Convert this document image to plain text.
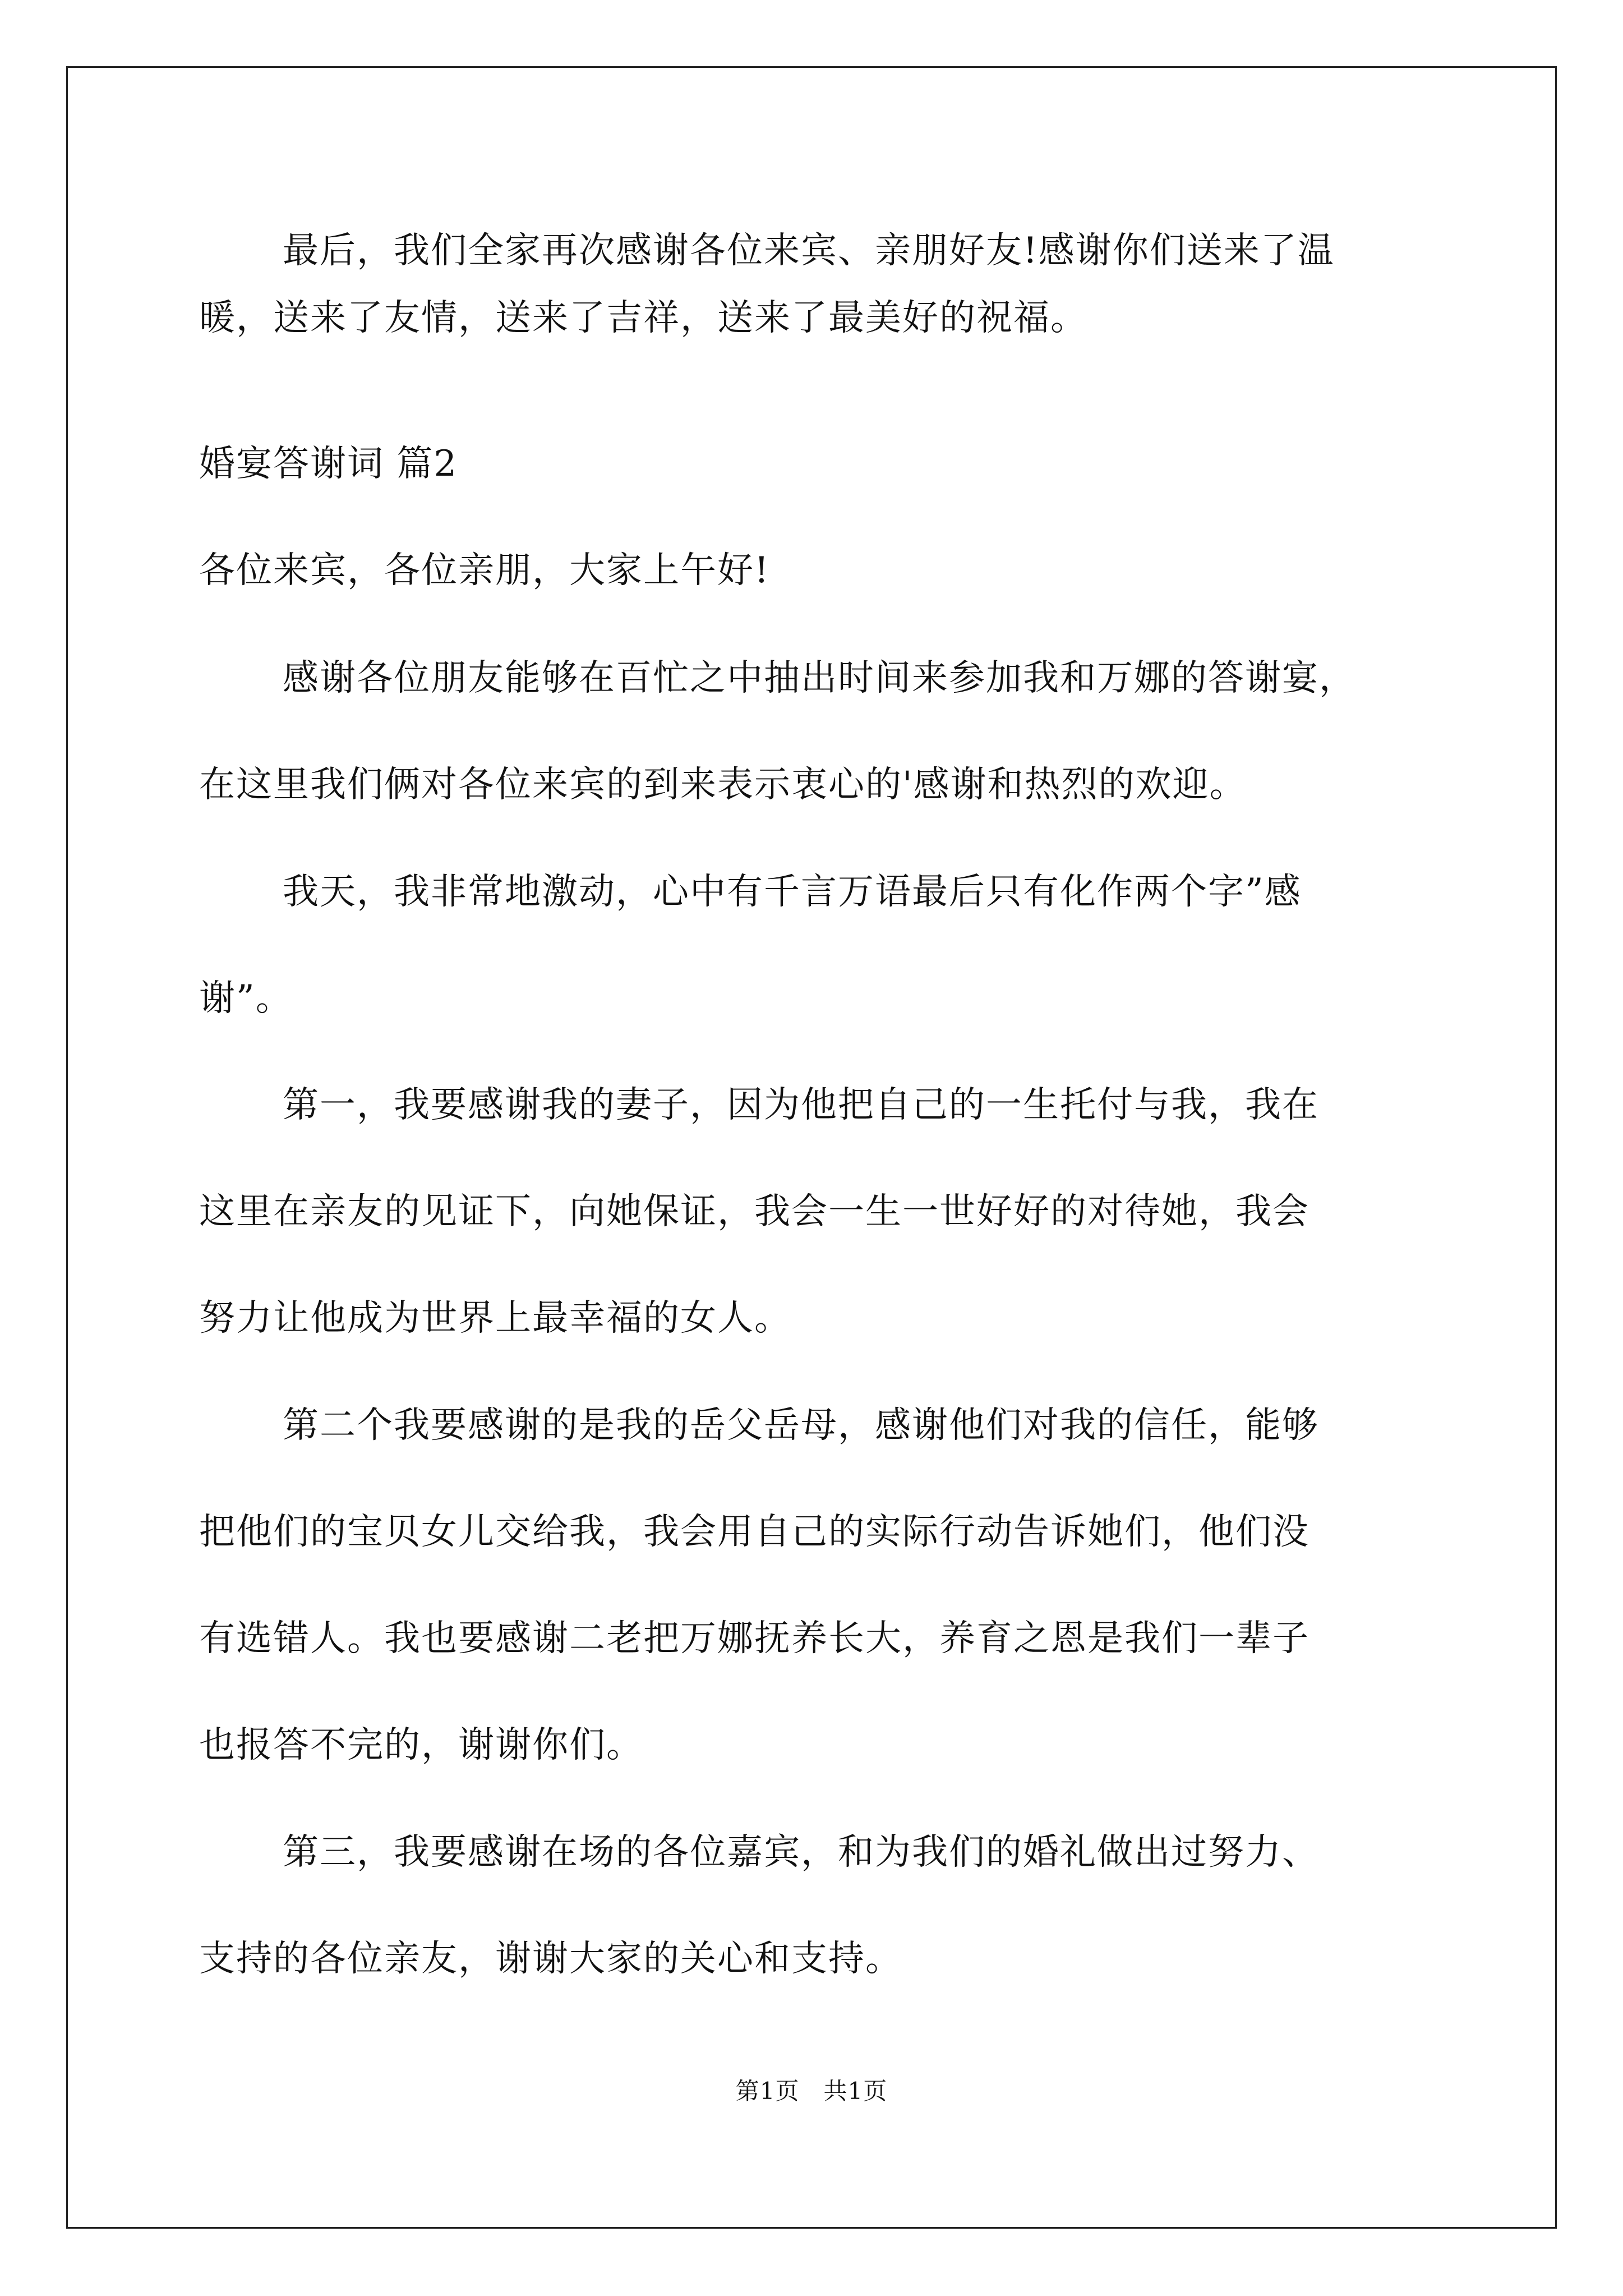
最后，我们全家再次感谢各位来宾、亲朋好友!感谢你们送来了温

暖，送来了友情，送来了吉祥，送来了最美好的祝福。

婚宴答谢词 篇2

各位来宾，各位亲朋，大家上午好!

感谢各位朋友能够在百忙之中抽出时间来参加我和万娜的答谢宴，

在这里我们俩对各位来宾的到来表示衷心的'感谢和热烈的欢迎。

我天，我非常地激动，心中有千言万语最后只有化作两个字”感

谢”。

第一，我要感谢我的妻子，因为他把自己的一生托付与我，我在

这里在亲友的见证下，向她保证，我会一生一世好好的对待她，我会

努力让他成为世界上最幸福的女人。

第二个我要感谢的是我的岳父岳母，感谢他们对我的信任，能够

把他们的宝贝女儿交给我，我会用自己的实际行动告诉她们，他们没

有选错人。我也要感谢二老把万娜抚养长大，养育之恩是我们一辈子

也报答不完的，谢谢你们。

第三，我要感谢在场的各位嘉宾，和为我们的婚礼做出过努力、

支持的各位亲友，谢谢大家的关心和支持。

第1页　共1页
